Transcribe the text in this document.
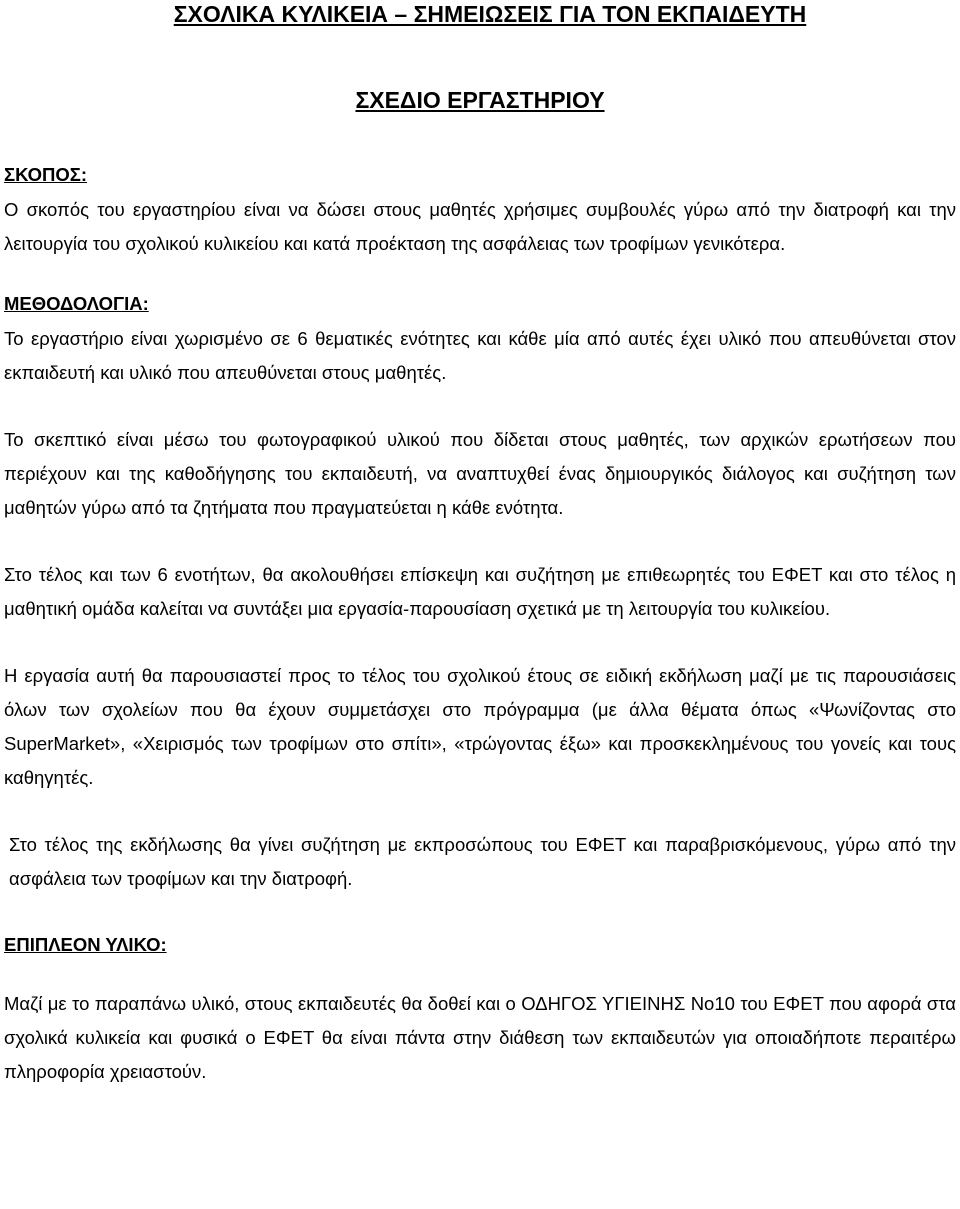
ΣΧΟΛΙΚΑ ΚΥΛΙΚΕΙΑ – ΣΗΜΕΙΩΣΕΙΣ ΓΙΑ ΤΟΝ ΕΚΠΑΙΔΕΥΤΗ
ΣΧΕΔΙΟ ΕΡΓΑΣΤΗΡΙΟΥ
ΣΚΟΠΟΣ:

Ο σκοπός του εργαστηρίου είναι να δώσει στους μαθητές χρήσιμες συμβουλές γύρω από την διατροφή και την λειτουργία του σχολικού κυλικείου και κατά προέκταση της ασφάλειας των τροφίμων γενικότερα.

ΜΕΘΟΔΟΛΟΓΙΑ:

Το εργαστήριο είναι χωρισμένο σε 6 θεματικές ενότητες και κάθε μία από αυτές έχει υλικό που απευθύνεται στον εκπαιδευτή και υλικό που απευθύνεται στους μαθητές.

Το σκεπτικό είναι μέσω του φωτογραφικού υλικού που δίδεται στους μαθητές, των αρχικών ερωτήσεων που περιέχουν και της καθοδήγησης του εκπαιδευτή, να αναπτυχθεί ένας δημιουργικός διάλογος και συζήτηση των μαθητών γύρω από τα ζητήματα που πραγματεύεται η κάθε ενότητα.

Στο τέλος και των 6 ενοτήτων, θα ακολουθήσει επίσκεψη και συζήτηση με επιθεωρητές του ΕΦΕΤ και στο τέλος η μαθητική ομάδα καλείται να συντάξει μια εργασία-παρουσίαση σχετικά με τη λειτουργία του κυλικείου.

Η εργασία αυτή θα παρουσιαστεί προς το τέλος του σχολικού έτους σε ειδική εκδήλωση μαζί με τις παρουσιάσεις όλων των σχολείων που θα έχουν συμμετάσχει στο πρόγραμμα (με άλλα θέματα όπως «Ψωνίζοντας στο SuperMarket», «Χειρισμός των τροφίμων στο σπίτι», «τρώγοντας έξω» και προσκεκλημένους του γονείς και τους καθηγητές.

Στο τέλος της εκδήλωσης θα γίνει συζήτηση με εκπροσώπους του ΕΦΕΤ και παραβρισκόμενους, γύρω από την ασφάλεια των τροφίμων και την διατροφή.

ΕΠΙΠΛΕΟΝ ΥΛΙΚΟ:

Μαζί με το παραπάνω υλικό, στους εκπαιδευτές θα δοθεί και ο ΟΔΗΓΟΣ ΥΓΙΕΙΝΗΣ Νο10 του ΕΦΕΤ που αφορά στα σχολικά κυλικεία και φυσικά ο ΕΦΕΤ θα είναι πάντα στην διάθεση των εκπαιδευτών για οποιαδήποτε περαιτέρω πληροφορία χρειαστούν.
